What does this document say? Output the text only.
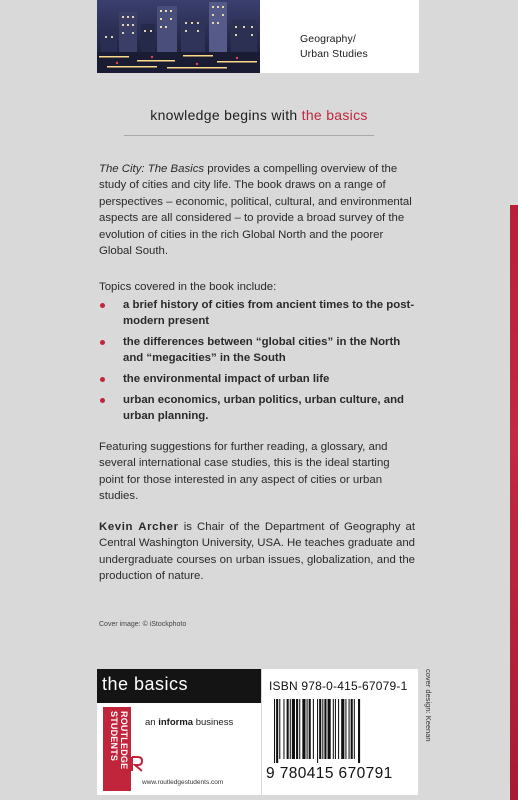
Geography/
Urban Studies
knowledge begins with the basics

The City: The Basics provides a compelling overview of the study of cities and city life. The book draws on a range of perspectives – economic, political, cultural, and environmental aspects are all considered – to provide a broad survey of the evolution of cities in the rich Global North and the poorer Global South.

Topics covered in the book include:
a brief history of cities from ancient times to the post-modern present
the differences between “global cities” in the North and “megacities” in the South
the environmental impact of urban life
urban economics, urban politics, urban culture, and urban planning.
Featuring suggestions for further reading, a glossary, and several international case studies, this is the ideal starting point for those interested in any aspect of cities or urban studies.
Kevin Archer is Chair of the Department of Geography at Central Washington University, USA. He teaches graduate and undergraduate courses on urban issues, globalization, and the production of nature.
Cover image: © iStockphoto
the basics
ROUTLEDGE STUDENTS	an informa business
www.routledgestudents.com
ISBN 978-0-415-67079-1
9 780415 670791
cover design: Keenan
